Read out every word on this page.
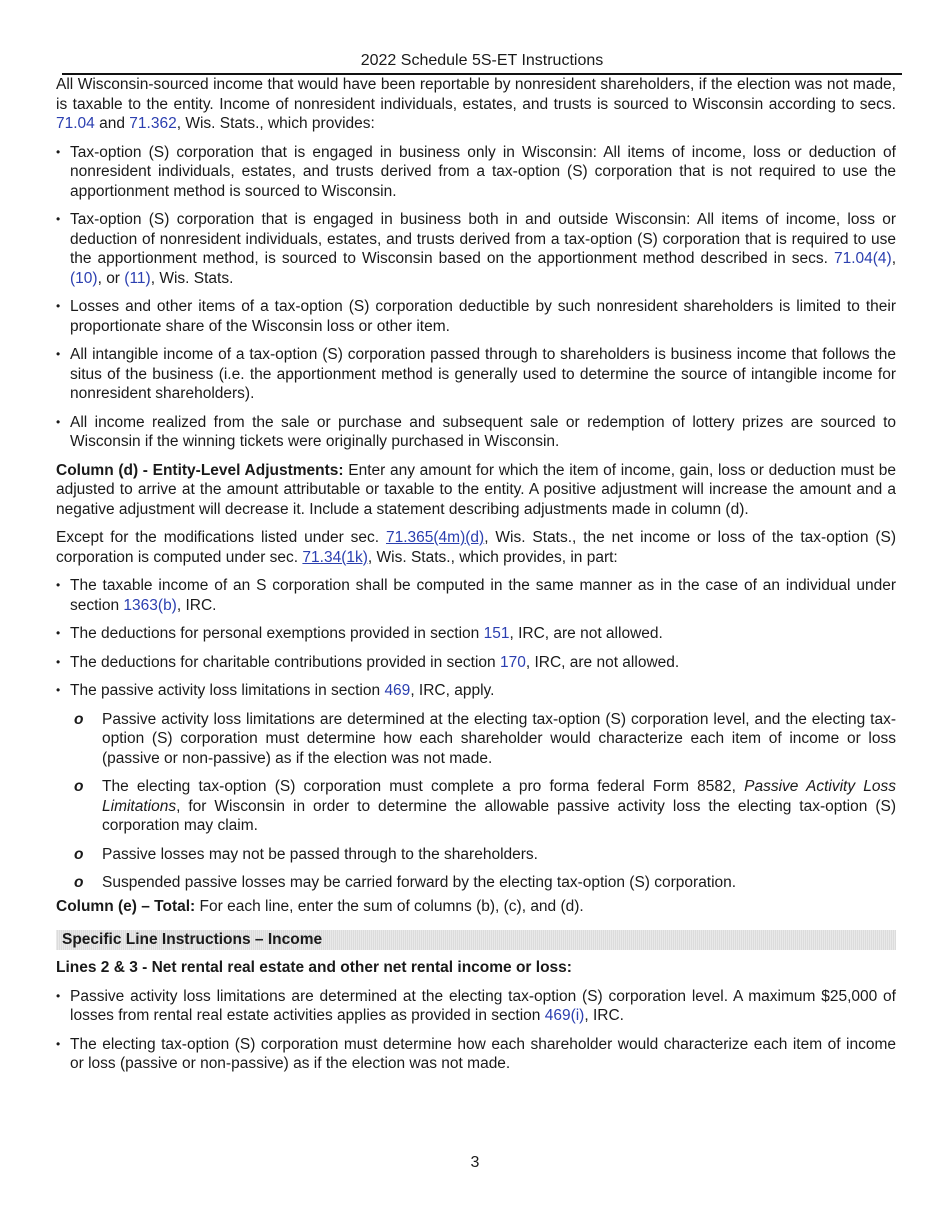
2022 Schedule 5S-ET Instructions

All Wisconsin-sourced income that would have been reportable by nonresident shareholders, if the election was not made, is taxable to the entity. Income of nonresident individuals, estates, and trusts is sourced to Wisconsin according to secs. 71.04 and 71.362, Wis. Stats., which provides:

• Tax-option (S) corporation that is engaged in business only in Wisconsin: All items of income, loss or deduction of nonresident individuals, estates, and trusts derived from a tax-option (S) corporation that is not required to use the apportionment method is sourced to Wisconsin.
• Tax-option (S) corporation that is engaged in business both in and outside Wisconsin: All items of income, loss or deduction of nonresident individuals, estates, and trusts derived from a tax-option (S) corporation that is required to use the apportionment method, is sourced to Wisconsin based on the apportionment method described in secs. 71.04(4), (10), or (11), Wis. Stats.
• Losses and other items of a tax-option (S) corporation deductible by such nonresident shareholders is limited to their proportionate share of the Wisconsin loss or other item.
• All intangible income of a tax-option (S) corporation passed through to shareholders is business income that follows the situs of the business (i.e. the apportionment method is generally used to determine the source of intangible income for nonresident shareholders).
• All income realized from the sale or purchase and subsequent sale or redemption of lottery prizes are sourced to Wisconsin if the winning tickets were originally purchased in Wisconsin.

Column (d) - Entity-Level Adjustments: Enter any amount for which the item of income, gain, loss or deduction must be adjusted to arrive at the amount attributable or taxable to the entity. A positive adjustment will increase the amount and a negative adjustment will decrease it. Include a statement describing adjustments made in column (d).

Except for the modifications listed under sec. 71.365(4m)(d), Wis. Stats., the net income or loss of the tax-option (S) corporation is computed under sec. 71.34(1k), Wis. Stats., which provides, in part:

• The taxable income of an S corporation shall be computed in the same manner as in the case of an individual under section 1363(b), IRC.
• The deductions for personal exemptions provided in section 151, IRC, are not allowed.
• The deductions for charitable contributions provided in section 170, IRC, are not allowed.
• The passive activity loss limitations in section 469, IRC, apply.
o Passive activity loss limitations are determined at the electing tax-option (S) corporation level, and the electing tax-option (S) corporation must determine how each shareholder would characterize each item of income or loss (passive or non-passive) as if the election was not made.
o The electing tax-option (S) corporation must complete a pro forma federal Form 8582, Passive Activity Loss Limitations, for Wisconsin in order to determine the allowable passive activity loss the electing tax-option (S) corporation may claim.
o Passive losses may not be passed through to the shareholders.
o Suspended passive losses may be carried forward by the electing tax-option (S) corporation.

Column (e) – Total: For each line, enter the sum of columns (b), (c), and (d).

Specific Line Instructions – Income

Lines 2 & 3 - Net rental real estate and other net rental income or loss:

• Passive activity loss limitations are determined at the electing tax-option (S) corporation level. A maximum $25,000 of losses from rental real estate activities applies as provided in section 469(i), IRC.
• The electing tax-option (S) corporation must determine how each shareholder would characterize each item of income or loss (passive or non-passive) as if the election was not made.
3
